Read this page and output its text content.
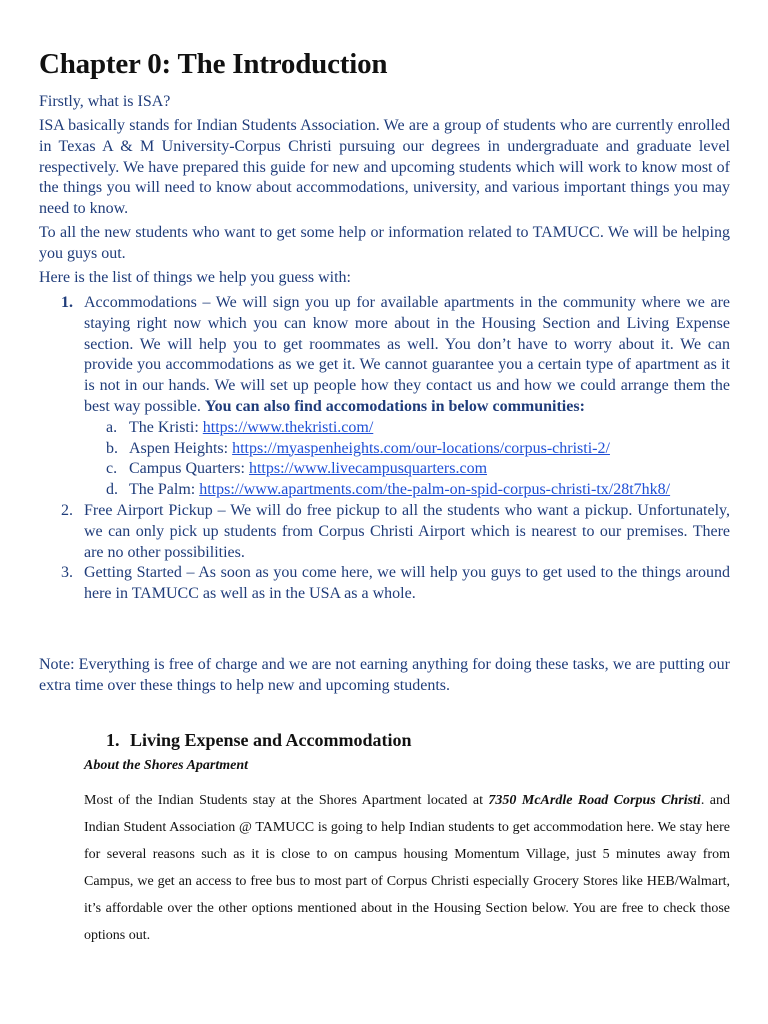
Chapter 0: The Introduction

Firstly, what is ISA?

ISA basically stands for Indian Students Association. We are a group of students who are currently enrolled in Texas A & M University-Corpus Christi pursuing our degrees in undergraduate and graduate level respectively. We have prepared this guide for new and upcoming students which will work to know most of the things you will need to know about accommodations, university, and various important things you may need to know.

To all the new students who want to get some help or information related to TAMUCC. We will be helping you guys out.

Here is the list of things we help you guess with:

1. Accommodations – We will sign you up for available apartments in the community where we are staying right now which you can know more about in the Housing Section and Living Expense section. We will help you to get roommates as well. You don’t have to worry about it. We can provide you accommodations as we get it. We cannot guarantee you a certain type of apartment as it is not in our hands. We will set up people how they contact us and how we could arrange them the best way possible. You can also find accomodations in below communities:
a. The Kristi: https://www.thekristi.com/
b. Aspen Heights: https://myaspenheights.com/our-locations/corpus-christi-2/
c. Campus Quarters: https://www.livecampusquarters.com
d. The Palm: https://www.apartments.com/the-palm-on-spid-corpus-christi-tx/28t7hk8/
2. Free Airport Pickup – We will do free pickup to all the students who want a pickup. Unfortunately, we can only pick up students from Corpus Christi Airport which is nearest to our premises. There are no other possibilities.
3. Getting Started – As soon as you come here, we will help you guys to get used to the things around here in TAMUCC as well as in the USA as a whole.

Note: Everything is free of charge and we are not earning anything for doing these tasks, we are putting our extra time over these things to help new and upcoming students.

1. Living Expense and Accommodation

About the Shores Apartment

Most of the Indian Students stay at the Shores Apartment located at 7350 McArdle Road Corpus Christi. and Indian Student Association @ TAMUCC is going to help Indian students to get accommodation here. We stay here for several reasons such as it is close to on campus housing Momentum Village, just 5 minutes away from Campus, we get an access to free bus to most part of Corpus Christi especially Grocery Stores like HEB/Walmart, it’s affordable over the other options mentioned about in the Housing Section below. You are free to check those options out.
